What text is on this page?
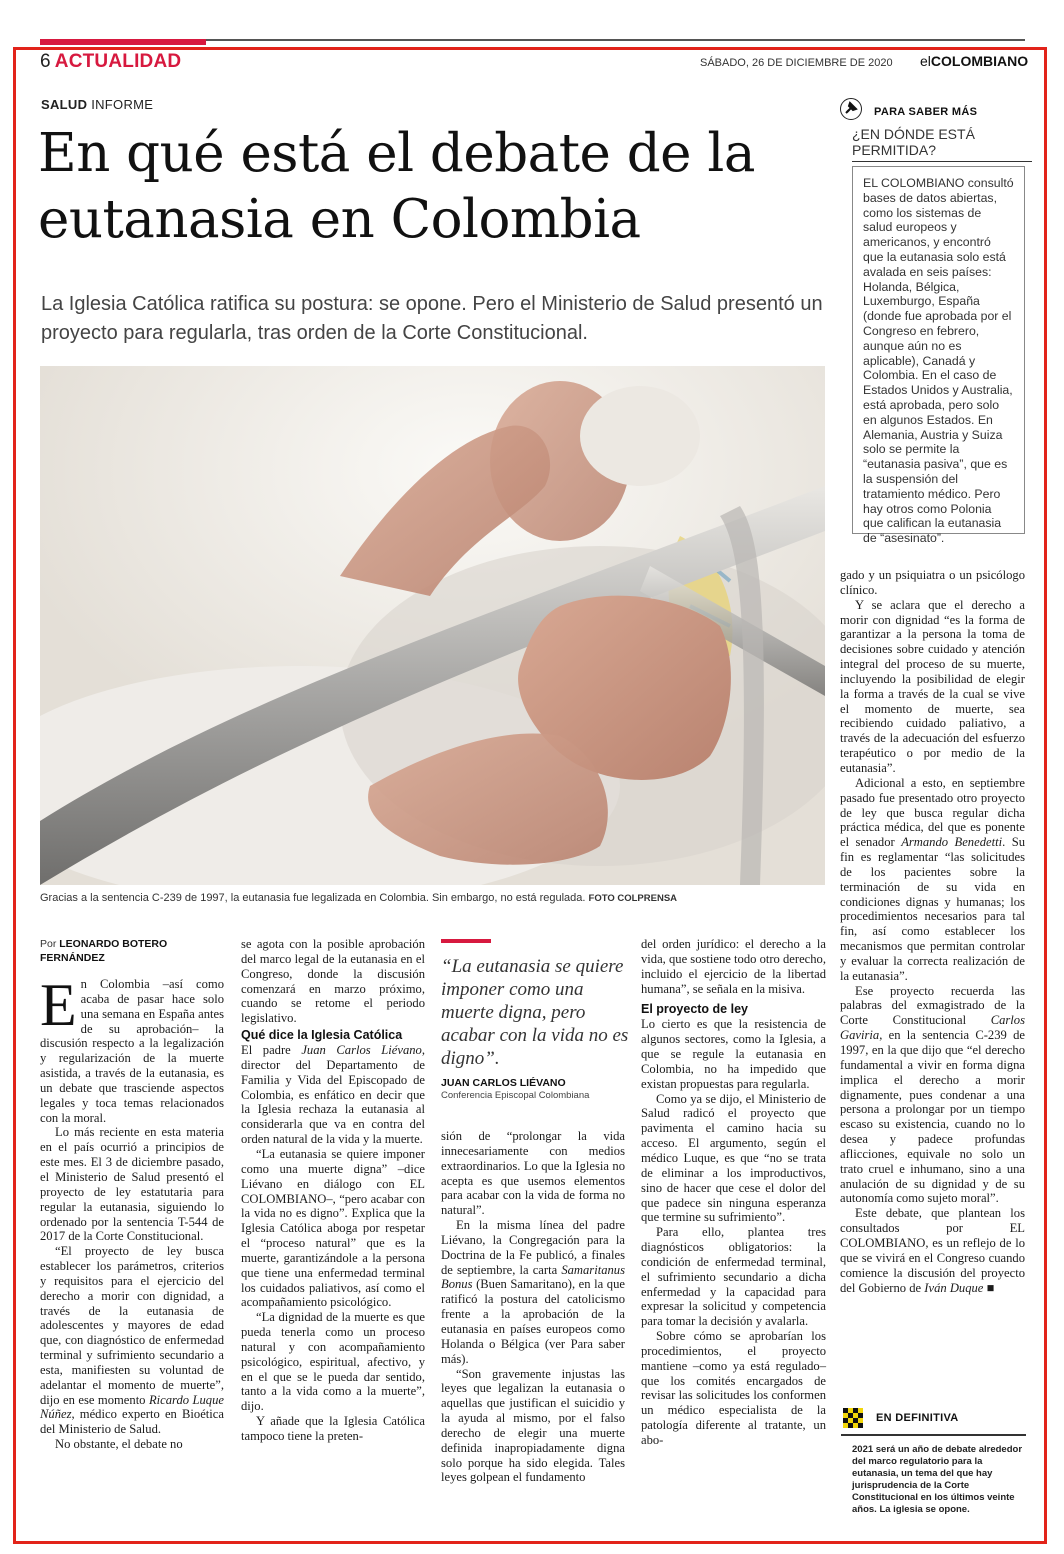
6 ACTUALIDAD	SÁBADO, 26 DE DICIEMBRE DE 2020 elCOLOMBIANO
SALUD INFORME
En qué está el debate de la eutanasia en Colombia

La Iglesia Católica ratifica su postura: se opone. Pero el Ministerio de Salud presentó un proyecto para regularla, tras orden de la Corte Constitucional.

Gracias a la sentencia C-239 de 1997, la eutanasia fue legalizada en Colombia. Sin embargo, no está regulada. FOTO COLPRENSA
Por LEONARDO BOTERO FERNÁNDEZ

En Colombia –así como acaba de pasar hace solo una semana en España antes de su aprobación– la discusión respecto a la legalización y regularización de la muerte asistida, a través de la eutanasia, es un debate que trasciende aspectos legales y toca temas relacionados con la moral.

Lo más reciente en esta materia en el país ocurrió a principios de este mes. El 3 de diciembre pasado, el Ministerio de Salud presentó el proyecto de ley estatutaria para regular la eutanasia, siguiendo lo ordenado por la sentencia T-544 de 2017 de la Corte Constitucional.

“El proyecto de ley busca establecer los parámetros, criterios y requisitos para el ejercicio del derecho a morir con dignidad, a través de la eutanasia de adolescentes y mayores de edad que, con diagnóstico de enfermedad terminal y sufrimiento secundario a esta, manifiesten su voluntad de adelantar el momento de muerte”, dijo en ese momento Ricardo Luque Núñez, médico experto en Bioética del Ministerio de Salud.

No obstante, el debate no

se agota con la posible aprobación del marco legal de la eutanasia en el Congreso, donde la discusión comenzará en marzo próximo, cuando se retome el periodo legislativo.

Qué dice la Iglesia Católica

El padre Juan Carlos Liévano, director del Departamento de Familia y Vida del Episcopado de Colombia, es enfático en decir que la Iglesia rechaza la eutanasia al considerarla que va en contra del orden natural de la vida y la muerte.

“La eutanasia se quiere imponer como una muerte digna” –dice Liévano en diálogo con EL COLOMBIANO–, “pero acabar con la vida no es digno”. Explica que la Iglesia Católica aboga por respetar el “proceso natural” que es la muerte, garantizándole a la persona que tiene una enfermedad terminal los cuidados paliativos, así como el acompañamiento psicológico.

“La dignidad de la muerte es que pueda tenerla como un proceso natural y con acompañamiento psicológico, espiritual, afectivo, y en el que se le pueda dar sentido, tanto a la vida como a la muerte”, dijo.

Y añade que la Iglesia Católica tampoco tiene la preten-

“La eutanasia se quiere imponer como una muerte digna, pero acabar con la vida no es digno”.

JUAN CARLOS LIÉVANO
Conferencia Episcopal Colombiana

sión de “prolongar la vida innecesariamente con medios extraordinarios. Lo que la Iglesia no acepta es que usemos elementos para acabar con la vida de forma no natural”.

En la misma línea del padre Liévano, la Congregación para la Doctrina de la Fe publicó, a finales de septiembre, la carta Samaritanus Bonus (Buen Samaritano), en la que ratificó la postura del catolicismo frente a la aprobación de la eutanasia en países europeos como Holanda o Bélgica (ver Para saber más).

“Son gravemente injustas las leyes que legalizan la eutanasia o aquellas que justifican el suicidio y la ayuda al mismo, por el falso derecho de elegir una muerte definida inapropiadamente digna solo porque ha sido elegida. Tales leyes golpean el fundamento

del orden jurídico: el derecho a la vida, que sostiene todo otro derecho, incluido el ejercicio de la libertad humana”, se señala en la misiva.

El proyecto de ley

Lo cierto es que la resistencia de algunos sectores, como la Iglesia, a que se regule la eutanasia en Colombia, no ha impedido que existan propuestas para regularla.

Como ya se dijo, el Ministerio de Salud radicó el proyecto que pavimenta el camino hacia su acceso. El argumento, según el médico Luque, es que “no se trata de eliminar a los improductivos, sino de hacer que cese el dolor del que padece sin ninguna esperanza que termine su sufrimiento”.

Para ello, plantea tres diagnósticos obligatorios: la condición de enfermedad terminal, el sufrimiento secundario a dicha enfermedad y la capacidad para expresar la solicitud y competencia para tomar la decisión y avalarla.

Sobre cómo se aprobarían los procedimientos, el proyecto mantiene –como ya está regulado– que los comités encargados de revisar las solicitudes los conformen un médico especialista de la patología diferente al tratante, un abo-

gado y un psiquiatra o un psicólogo clínico.

Y se aclara que el derecho a morir con dignidad “es la forma de garantizar a la persona la toma de decisiones sobre cuidado y atención integral del proceso de su muerte, incluyendo la posibilidad de elegir la forma a través de la cual se vive el momento de muerte, sea recibiendo cuidado paliativo, a través de la adecuación del esfuerzo terapéutico o por medio de la eutanasia”.

Adicional a esto, en septiembre pasado fue presentado otro proyecto de ley que busca regular dicha práctica médica, del que es ponente el senador Armando Benedetti. Su fin es reglamentar “las solicitudes de los pacientes sobre la terminación de su vida en condiciones dignas y humanas; los procedimientos necesarios para tal fin, así como establecer los mecanismos que permitan controlar y evaluar la correcta realización de la eutanasia”.

Ese proyecto recuerda las palabras del exmagistrado de la Corte Constitucional Carlos Gaviria, en la sentencia C-239 de 1997, en la que dijo que “el derecho fundamental a vivir en forma digna implica el derecho a morir dignamente, pues condenar a una persona a prolongar por un tiempo escaso su existencia, cuando no lo desea y padece profundas aflicciones, equivale no solo un trato cruel e inhumano, sino a una anulación de su dignidad y de su autonomía como sujeto moral”.

Este debate, que plantean los consultados por EL COLOMBIANO, es un reflejo de lo que se vivirá en el Congreso cuando comience la discusión del proyecto del Gobierno de Iván Duque ■

PARA SABER MÁS
¿EN DÓNDE ESTÁ PERMITIDA?

EL COLOMBIANO consultó bases de datos abiertas, como los sistemas de salud europeos y americanos, y encontró que la eutanasia solo está avalada en seis países: Holanda, Bélgica, Luxemburgo, España (donde fue aprobada por el Congreso en febrero, aunque aún no es aplicable), Canadá y Colombia. En el caso de Estados Unidos y Australia, está aprobada, pero solo en algunos Estados. En Alemania, Austria y Suiza solo se permite la “eutanasia pasiva”, que es la suspensión del tratamiento médico. Pero hay otros como Polonia que califican la eutanasia de “asesinato”.

EN DEFINITIVA

2021 será un año de debate alrededor del marco regulatorio para la eutanasia, un tema del que hay jurisprudencia de la Corte Constitucional en los últimos veinte años. La iglesia se opone.
